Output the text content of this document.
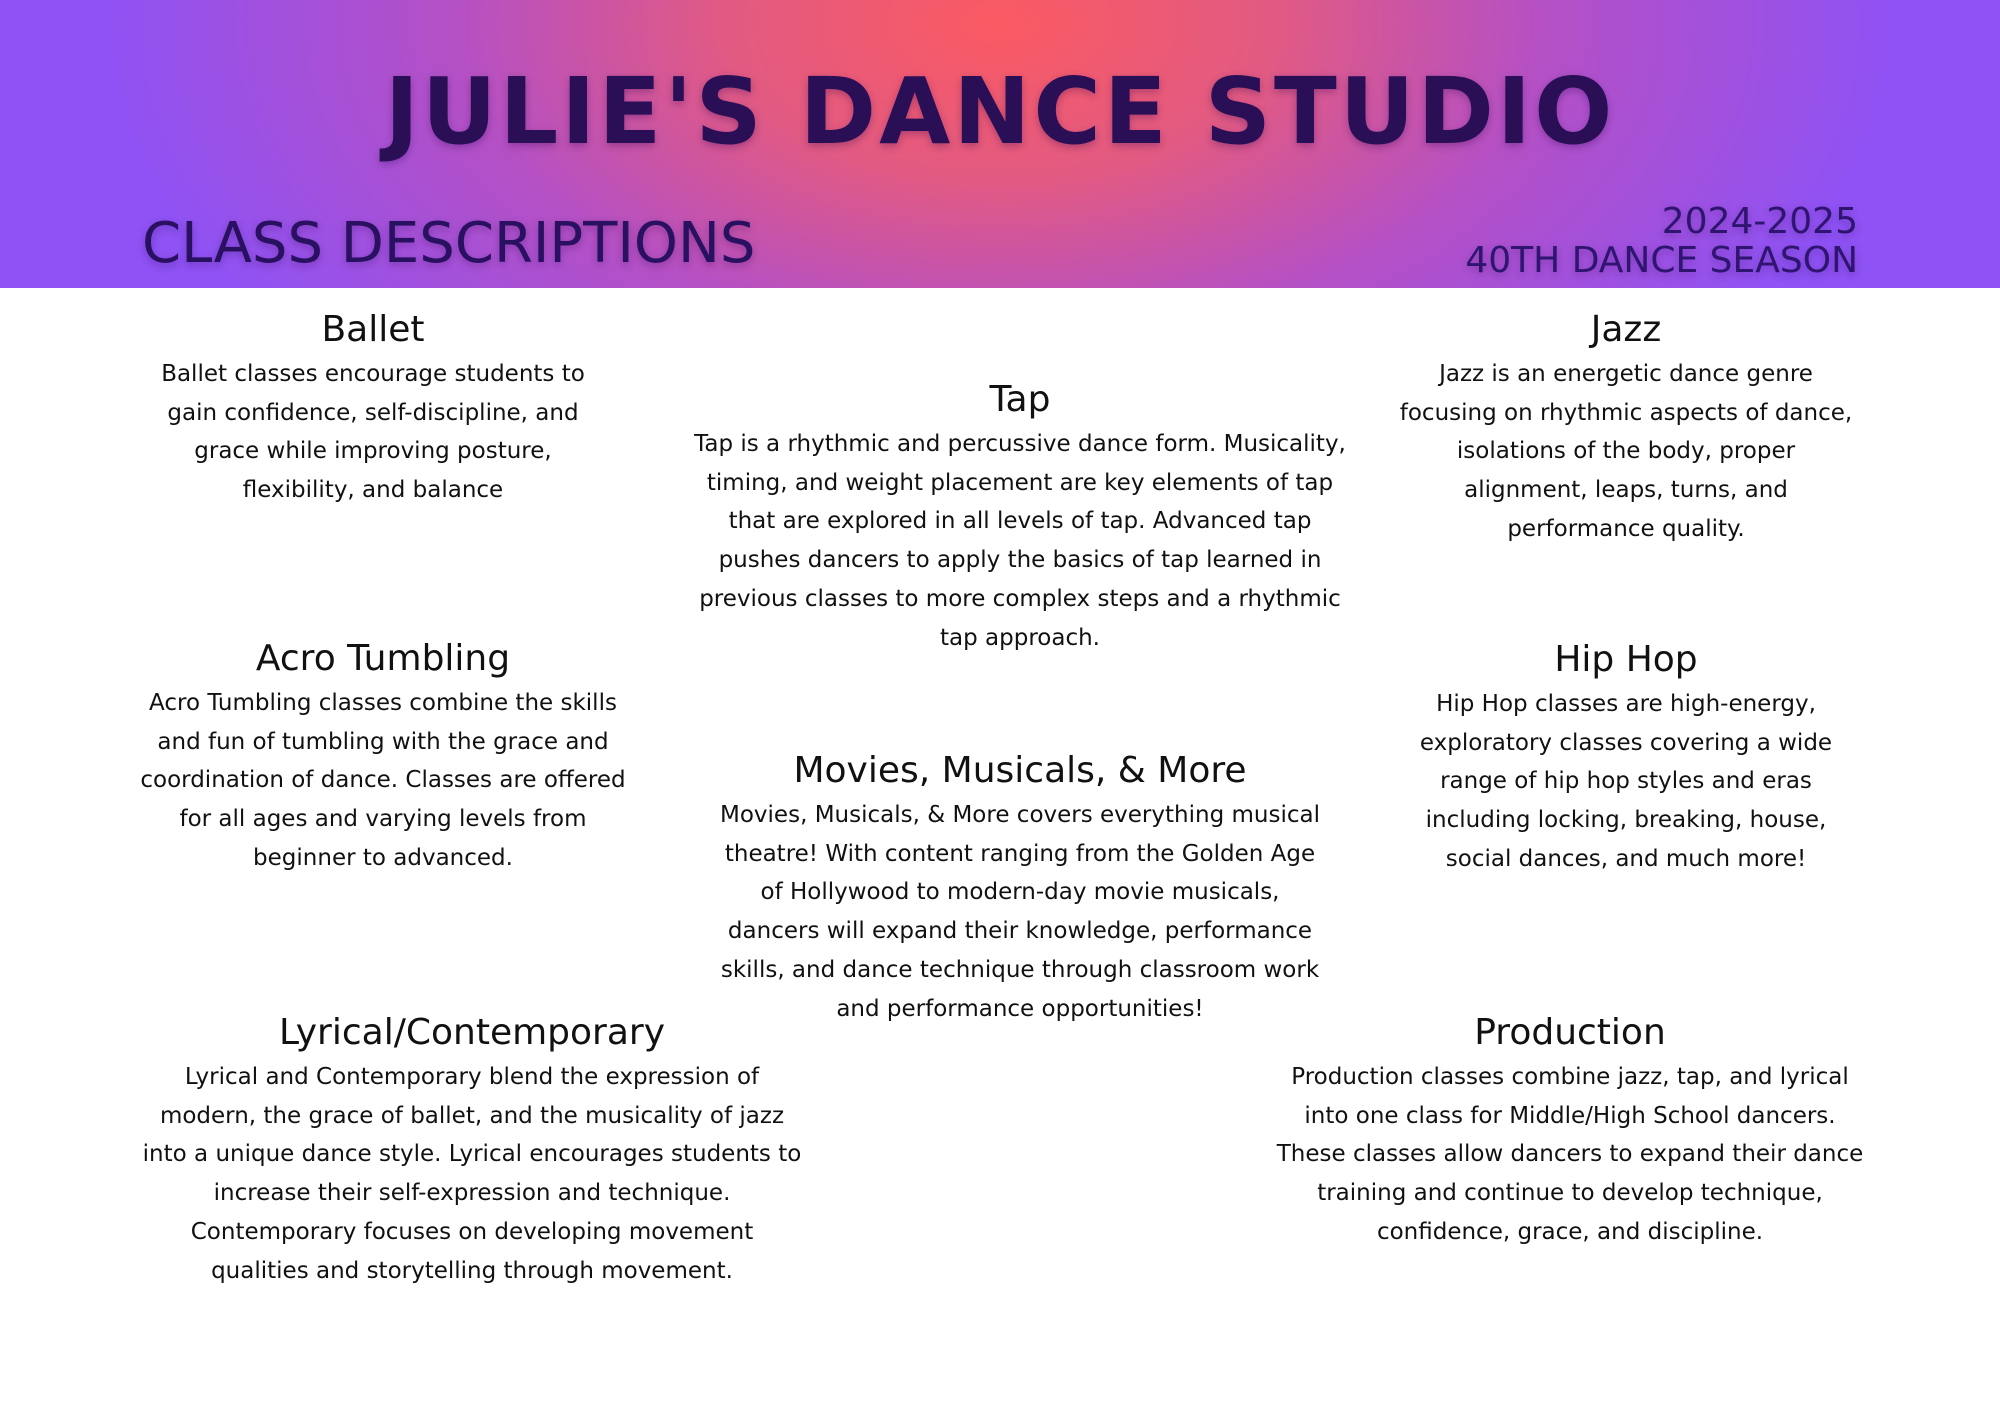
JULIE'S DANCE STUDIO
CLASS DESCRIPTIONS	2024-2025
40TH DANCE SEASON
Ballet
Ballet classes encourage students to gain confidence, self-discipline, and grace while improving posture, flexibility, and balance
Tap
Tap is a rhythmic and percussive dance form. Musicality, timing, and weight placement are key elements of tap that are explored in all levels of tap. Advanced tap pushes dancers to apply the basics of tap learned in previous classes to more complex steps and a rhythmic tap approach.
Jazz
Jazz is an energetic dance genre focusing on rhythmic aspects of dance, isolations of the body, proper alignment, leaps, turns, and performance quality.
Acro Tumbling
Acro Tumbling classes combine the skills and fun of tumbling with the grace and coordination of dance. Classes are offered for all ages and varying levels from beginner to advanced.
Hip Hop
Hip Hop classes are high-energy, exploratory classes covering a wide range of hip hop styles and eras including locking, breaking, house, social dances, and much more!
Movies, Musicals, & More
Movies, Musicals, & More covers everything musical theatre! With content ranging from the Golden Age of Hollywood to modern-day movie musicals, dancers will expand their knowledge, performance skills, and dance technique through classroom work and performance opportunities!
Lyrical/Contemporary
Lyrical and Contemporary blend the expression of modern, the grace of ballet, and the musicality of jazz into a unique dance style. Lyrical encourages students to increase their self-expression and technique. Contemporary focuses on developing movement qualities and storytelling through movement.
Production
Production classes combine jazz, tap, and lyrical into one class for Middle/High School dancers. These classes allow dancers to expand their dance training and continue to develop technique, confidence, grace, and discipline.
